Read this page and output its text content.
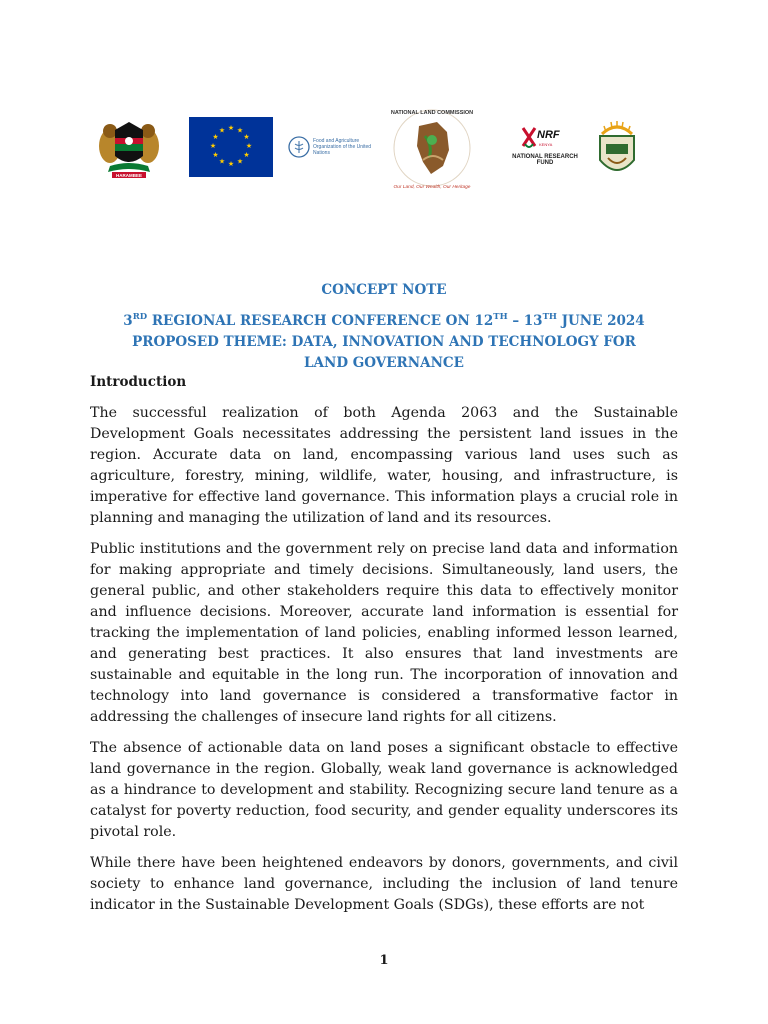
HARAMBEE
★ ★
★
★
★
★
★
★
★
★
★
★
Food and Agriculture Organization of the United Nations
NATIONAL LAND COMMISSION
Our Land, Our Wealth, Our Heritage
NRF
KENYA
NATIONAL RESEARCH FUND
CONCEPT NOTE
3RD REGIONAL RESEARCH CONFERENCE ON 12TH – 13TH JUNE 2024
PROPOSED THEME: DATA, INNOVATION AND TECHNOLOGY FOR
LAND GOVERNANCE
Introduction

The successful realization of both Agenda 2063 and the Sustainable Development Goals necessitates addressing the persistent land issues in the region. Accurate data on land, encompassing various land uses such as agriculture, forestry, mining, wildlife, water, housing, and infrastructure, is imperative for effective land governance. This information plays a crucial role in planning and managing the utilization of land and its resources.

Public institutions and the government rely on precise land data and information for making appropriate and timely decisions. Simultaneously, land users, the general public, and other stakeholders require this data to effectively monitor and influence decisions. Moreover, accurate land information is essential for tracking the implementation of land policies, enabling informed lesson learned, and generating best practices. It also ensures that land investments are sustainable and equitable in the long run. The incorporation of innovation and technology into land governance is considered a transformative factor in addressing the challenges of insecure land rights for all citizens.

The absence of actionable data on land poses a significant obstacle to effective land governance in the region. Globally, weak land governance is acknowledged as a hindrance to development and stability. Recognizing secure land tenure as a catalyst for poverty reduction, food security, and gender equality underscores its pivotal role.

While there have been heightened endeavors by donors, governments, and civil society to enhance land governance, including the inclusion of land tenure indicator in the Sustainable Development Goals (SDGs), these efforts are not

1
